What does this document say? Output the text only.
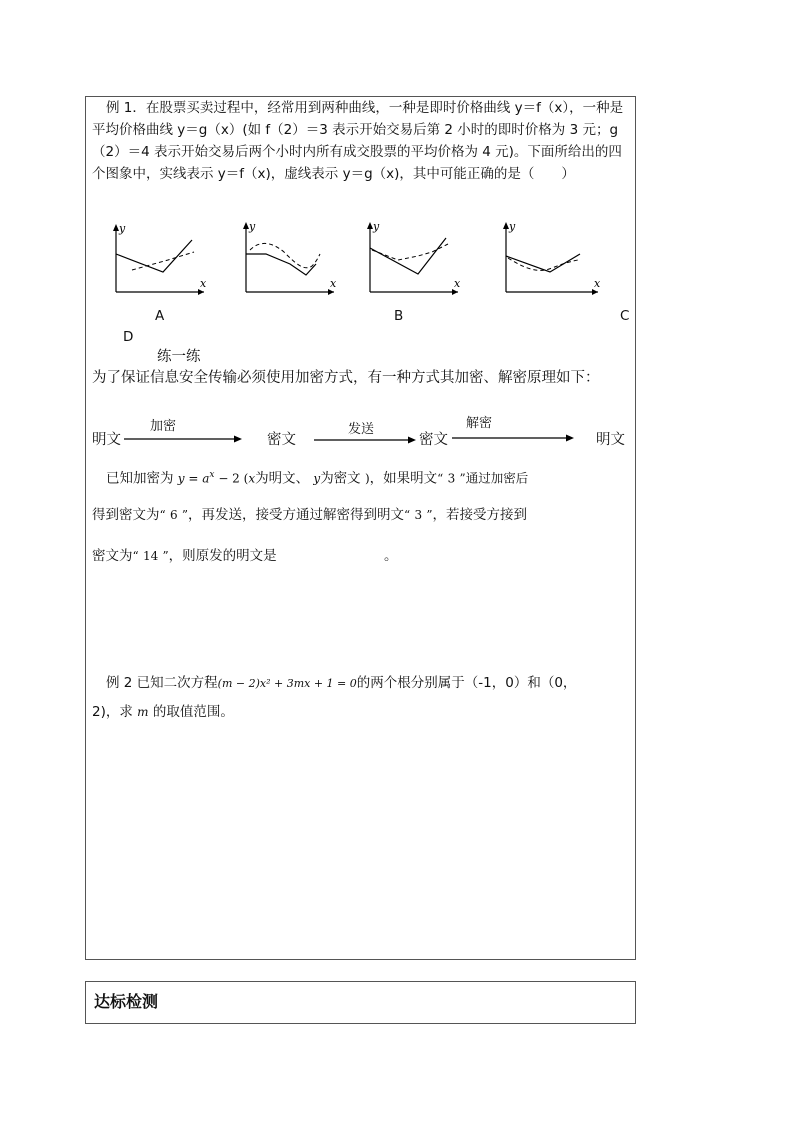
例 1．在股票买卖过程中，经常用到两种曲线，一种是即时价格曲线 y＝f（x），一种是平均价格曲线 y＝g（x）(如 f（2）＝3 表示开始交易后第 2 小时的即时价格为 3 元；g（2）＝4 表示开始交易后两个小时内所有成交股票的平均价格为 4 元)。下面所给出的四个图象中，实线表示 y＝f（x)，虚线表示 y＝g（x)，其中可能正确的是（　　）
y
x
y
x
y
x
y
x
A	B	C
D
练一练
为了保证信息安全传输必须使用加密方式，有一种方式其加密、解密原理如下：
明文
加密
密文
发送
密文
解密
明文
已知加密为 $y = a^x - 2$ (x为明文、 y为密文 )，如果明文“ 3 ”通过加密后
得到密文为“ 6 ”，再发送，接受方通过解密得到明文“ 3 ”，若接受方接到
密文为“ 14 ”，则原发的明文是	。
例 2 已知二次方程(m − 2)x² + 3mx + 1 = 0的两个根分别属于（-1，0）和（0，
2)，求 m 的取值范围。
达标检测
